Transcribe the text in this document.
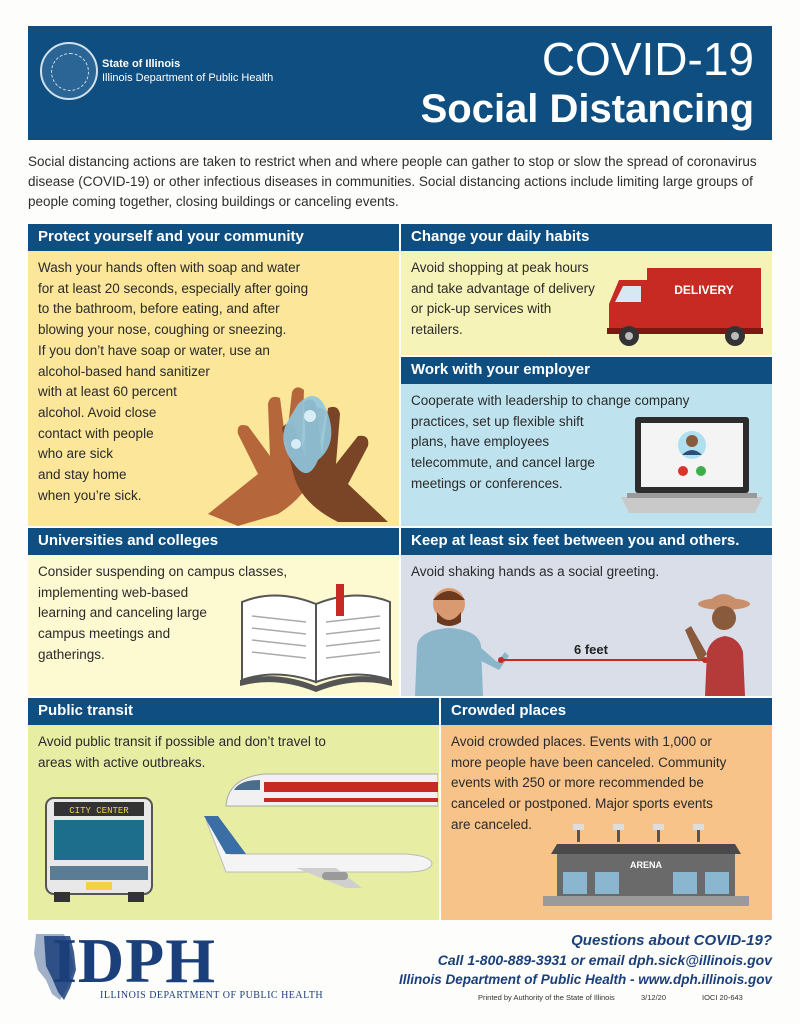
State of Illinois
Illinois Department of Public Health	COVID-19
Social Distancing

Social distancing actions are taken to restrict when and where people can gather to stop or slow the spread of coronavirus disease (COVID-19) or other infectious diseases in communities. Social distancing actions include limiting large groups of people coming together, closing buildings or canceling events.

Protect yourself and your community

Wash your hands often with soap and water

for at least 20 seconds, especially after going

to the bathroom, before eating, and after

blowing your nose, coughing or sneezing.

If you don’t have soap or water, use an

alcohol-based hand sanitizer

with at least 60 percent

alcohol. Avoid close

contact with people

who are sick

and stay home

when you’re sick.

Change your daily habits

Avoid shopping at peak hours

and take advantage of delivery

or pick-up services with

retailers.

DELIVERY
Work with your employer

Cooperate with leadership to change company

practices, set up flexible shift

plans, have employees

telecommute, and cancel large

meetings or conferences.

Universities and colleges

Consider suspending on campus classes,

implementing web-based

learning and canceling large

campus meetings and

gatherings.

Keep at least six feet between you and others.

Avoid shaking hands as a social greeting.

6 feet
Public transit

Avoid public transit if possible and don’t travel to

areas with active outbreaks.

CITY CENTER
Crowded places

Avoid crowded places. Events with 1,000 or

more people have been canceled. Community

events with 250 or more recommended be

canceled or postponed. Major sports events

are canceled.

ARENA
IDPH
ILLINOIS DEPARTMENT OF PUBLIC HEALTH
Questions about COVID-19?
Call 1-800-889-3931 or email dph.sick@illinois.gov
Illinois Department of Public Health - www.dph.illinois.gov
Printed by Authority of the State of Illinois	3/12/20	IOCI 20-643
